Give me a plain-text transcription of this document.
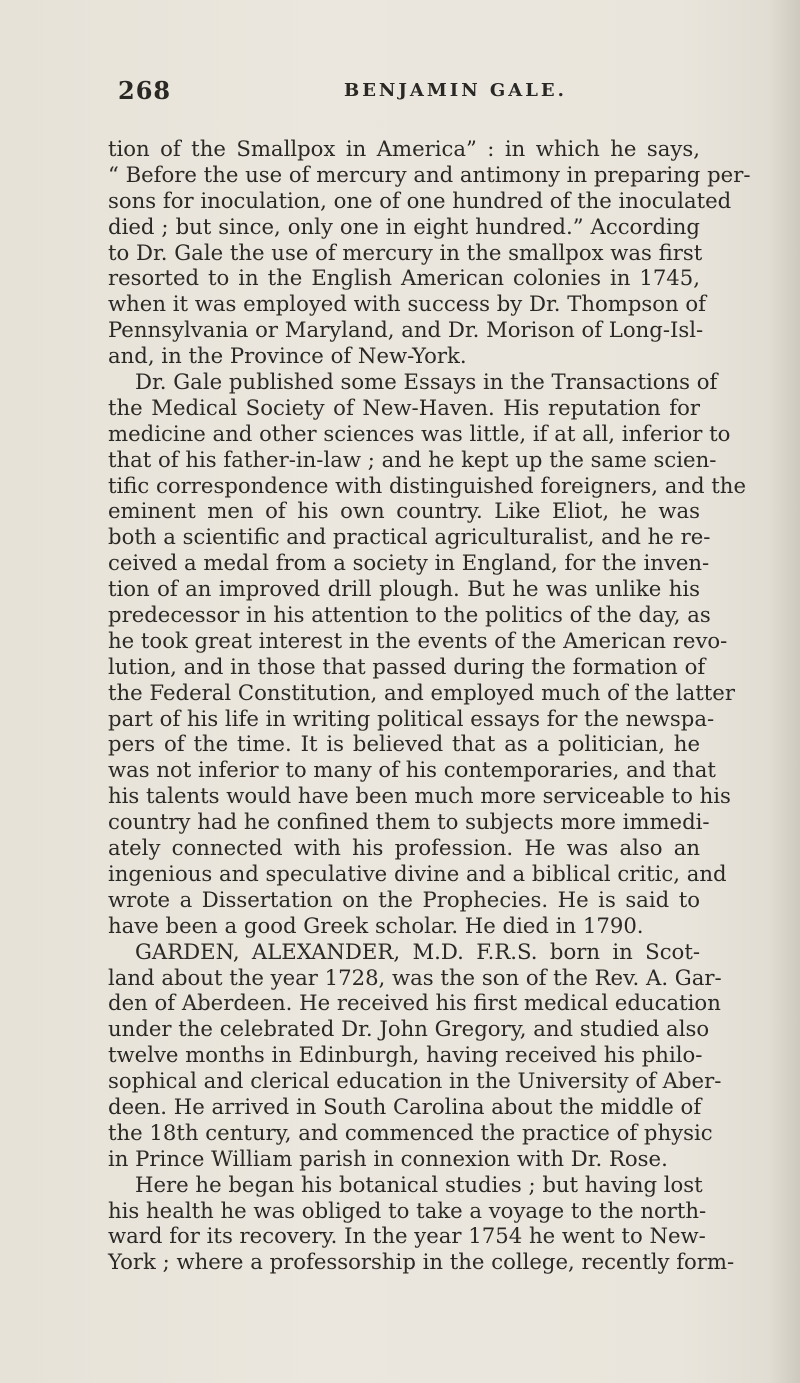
268	BENJAMIN GALE.
tion of the Smallpox in America” : in which he says,
“ Before the use of mercury and antimony in preparing per-
sons for inoculation, one of one hundred of the inoculated
died ; but since, only one in eight hundred.” According
to Dr. Gale the use of mercury in the smallpox was first
resorted to in the English American colonies in 1745,
when it was employed with success by Dr. Thompson of
Pennsylvania or Maryland, and Dr. Morison of Long-Isl-
and, in the Province of New-York.
Dr. Gale published some Essays in the Transactions of
the Medical Society of New-Haven. His reputation for
medicine and other sciences was little, if at all, inferior to
that of his father-in-law ; and he kept up the same scien-
tific correspondence with distinguished foreigners, and the
eminent men of his own country. Like Eliot, he was
both a scientific and practical agriculturalist, and he re-
ceived a medal from a society in England, for the inven-
tion of an improved drill plough. But he was unlike his
predecessor in his attention to the politics of the day, as
he took great interest in the events of the American revo-
lution, and in those that passed during the formation of
the Federal Constitution, and employed much of the latter
part of his life in writing political essays for the newspa-
pers of the time. It is believed that as a politician, he
was not inferior to many of his contemporaries, and that
his talents would have been much more serviceable to his
country had he confined them to subjects more immedi-
ately connected with his profession. He was also an
ingenious and speculative divine and a biblical critic, and
wrote a Dissertation on the Prophecies. He is said to
have been a good Greek scholar. He died in 1790.
GARDEN, ALEXANDER, M.D. F.R.S. born in Scot-
land about the year 1728, was the son of the Rev. A. Gar-
den of Aberdeen. He received his first medical education
under the celebrated Dr. John Gregory, and studied also
twelve months in Edinburgh, having received his philo-
sophical and clerical education in the University of Aber-
deen. He arrived in South Carolina about the middle of
the 18th century, and commenced the practice of physic
in Prince William parish in connexion with Dr. Rose.
Here he began his botanical studies ; but having lost
his health he was obliged to take a voyage to the north-
ward for its recovery. In the year 1754 he went to New-
York ; where a professorship in the college, recently form-
